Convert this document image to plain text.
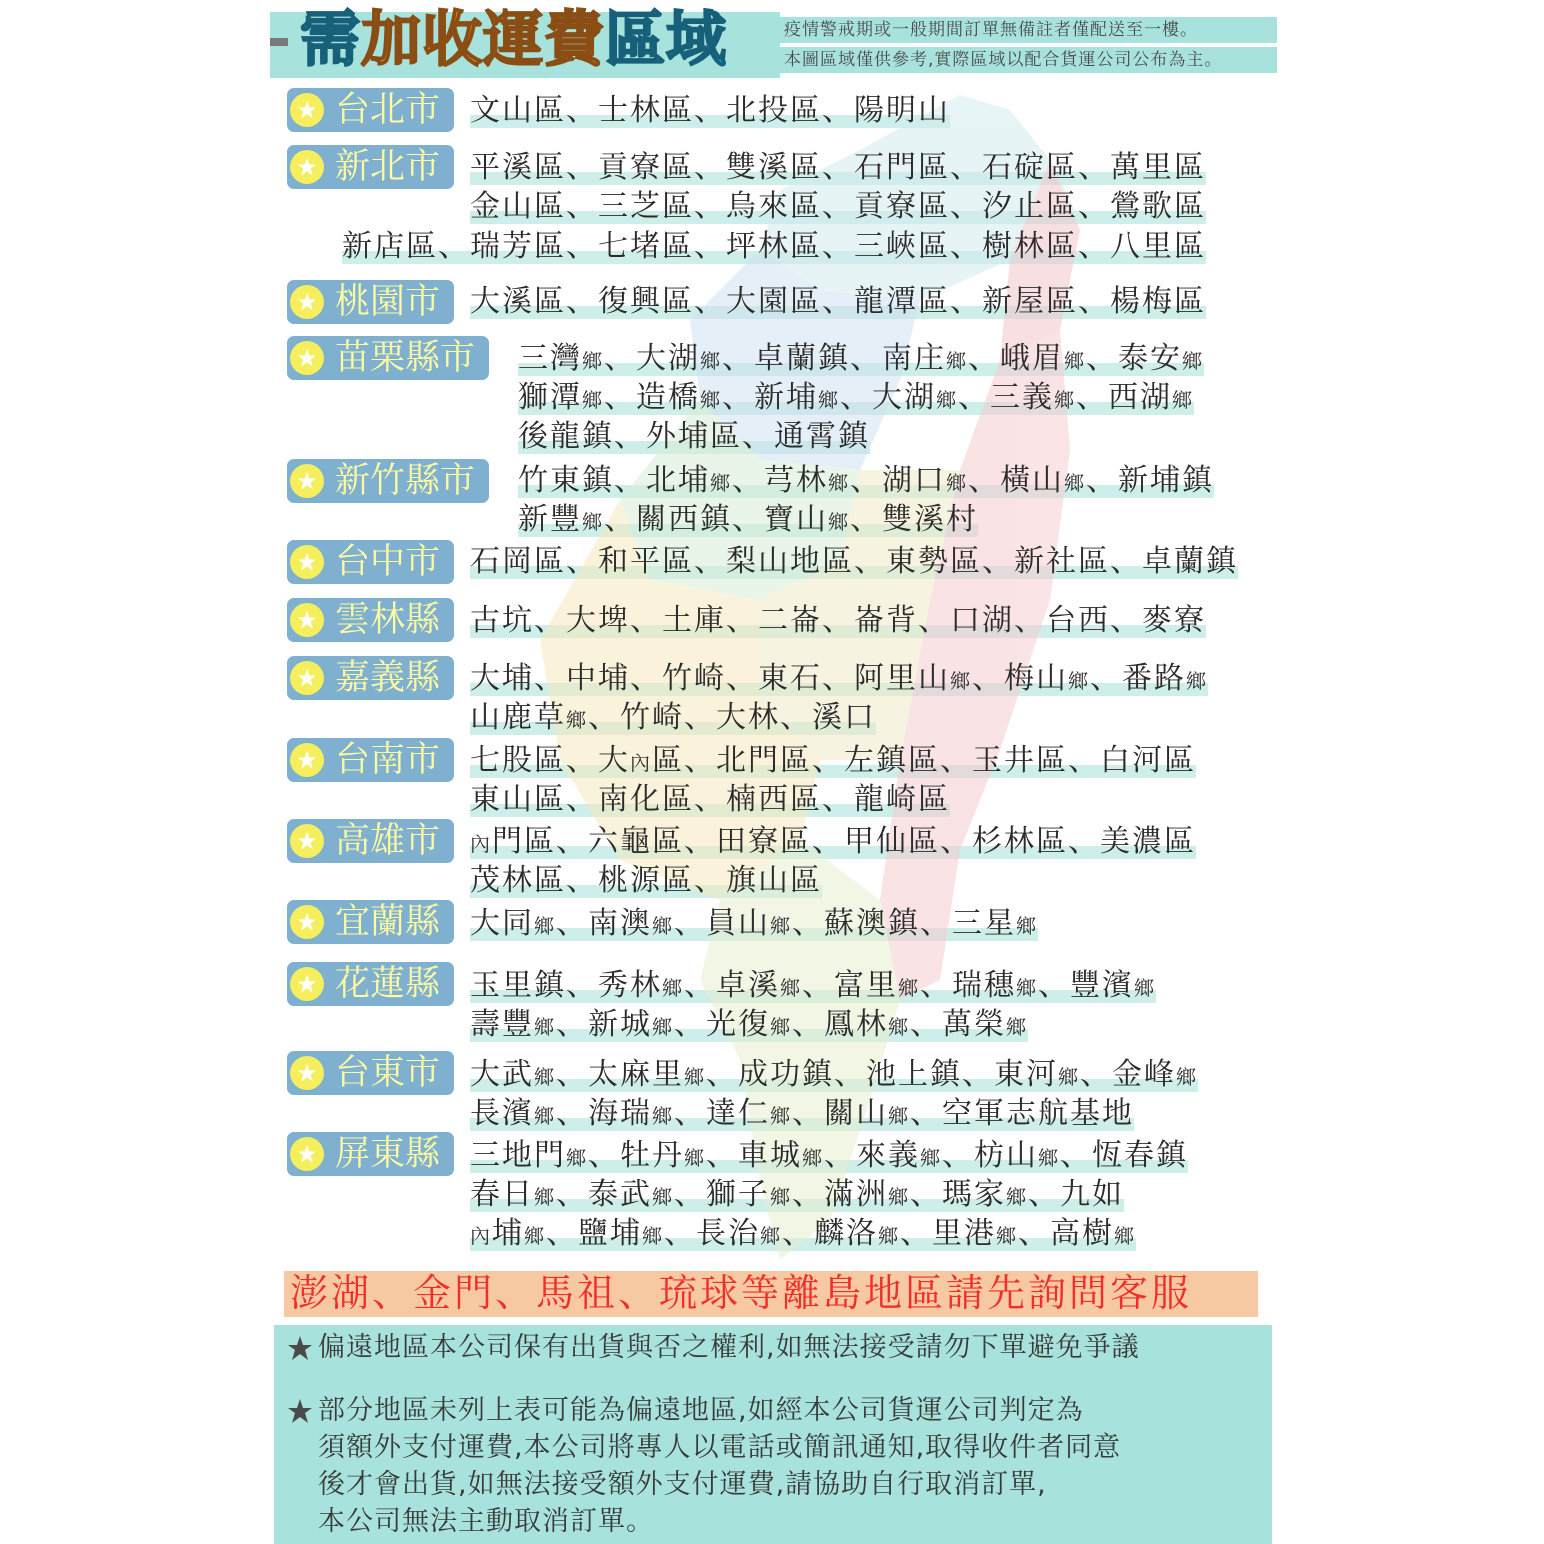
需加收運費區域	疫情警戒期或一般期間訂單無備註者僅配送至一樓。
本圖區域僅供參考,實際區域以配合貨運公司公布為主。
台北市 文山區、士林區、北投區、陽明山
新北市 平溪區、貢寮區、雙溪區、石門區、石碇區、萬里區
金山區、三芝區、烏來區、貢寮區、汐止區、鶯歌區
新店區、瑞芳區、七堵區、坪林區、三峽區、樹林區、八里區
桃園市 大溪區、復興區、大園區、龍潭區、新屋區、楊梅區
苗栗縣市	三灣鄉、大湖鄉、卓蘭鎮、南庄鄉、峨眉鄉、泰安鄉
獅潭鄉、造橋鄉、新埔鄉、大湖鄉、三義鄉、西湖鄉
後龍鎮、外埔區、通霄鎮
新竹縣市	竹東鎮、北埔鄉、芎林鄉、湖口鄉、橫山鄉、新埔鎮
新豐鄉、關西鎮、寶山鄉、雙溪村
台中市 石岡區、和平區、梨山地區、東勢區、新社區、卓蘭鎮
雲林縣 古坑、大埤、土庫、二崙、崙背、口湖、台西、麥寮
嘉義縣 大埔、中埔、竹崎、東石、阿里山鄉、梅山鄉、番路鄉
山鹿草鄉、竹崎、大林、溪口
台南市 七股區、大內區、北門區、左鎮區、玉井區、白河區
東山區、南化區、楠西區、龍崎區
高雄市	內門區、六龜區、田寮區、甲仙區、杉林區、美濃區
茂林區、桃源區、旗山區
宜蘭縣 大同鄉、南澳鄉、員山鄉、蘇澳鎮、三星鄉
花蓮縣 玉里鎮、秀林鄉、卓溪鄉、富里鄉、瑞穗鄉、豐濱鄉
壽豐鄉、新城鄉、光復鄉、鳳林鄉、萬榮鄉
台東市 大武鄉、太麻里鄉、成功鎮、池上鎮、東河鄉、金峰鄉
長濱鄉、海瑞鄉、達仁鄉、關山鄉、空軍志航基地
屏東縣 三地門鄉、牡丹鄉、車城鄉、來義鄉、枋山鄉、恆春鎮
春日鄉、泰武鄉、獅子鄉、滿洲鄉、瑪家鄉、九如
內埔鄉、鹽埔鄉、長治鄉、麟洛鄉、里港鄉、高樹鄉
澎湖、金門、馬祖、琉球等離島地區請先詢問客服
偏遠地區本公司保有出貨與否之權利,如無法接受請勿下單避免爭議
部分地區未列上表可能為偏遠地區,如經本公司貨運公司判定為
須額外支付運費,本公司將專人以電話或簡訊通知,取得收件者同意
後才會出貨,如無法接受額外支付運費,請協助自行取消訂單,
本公司無法主動取消訂單。
